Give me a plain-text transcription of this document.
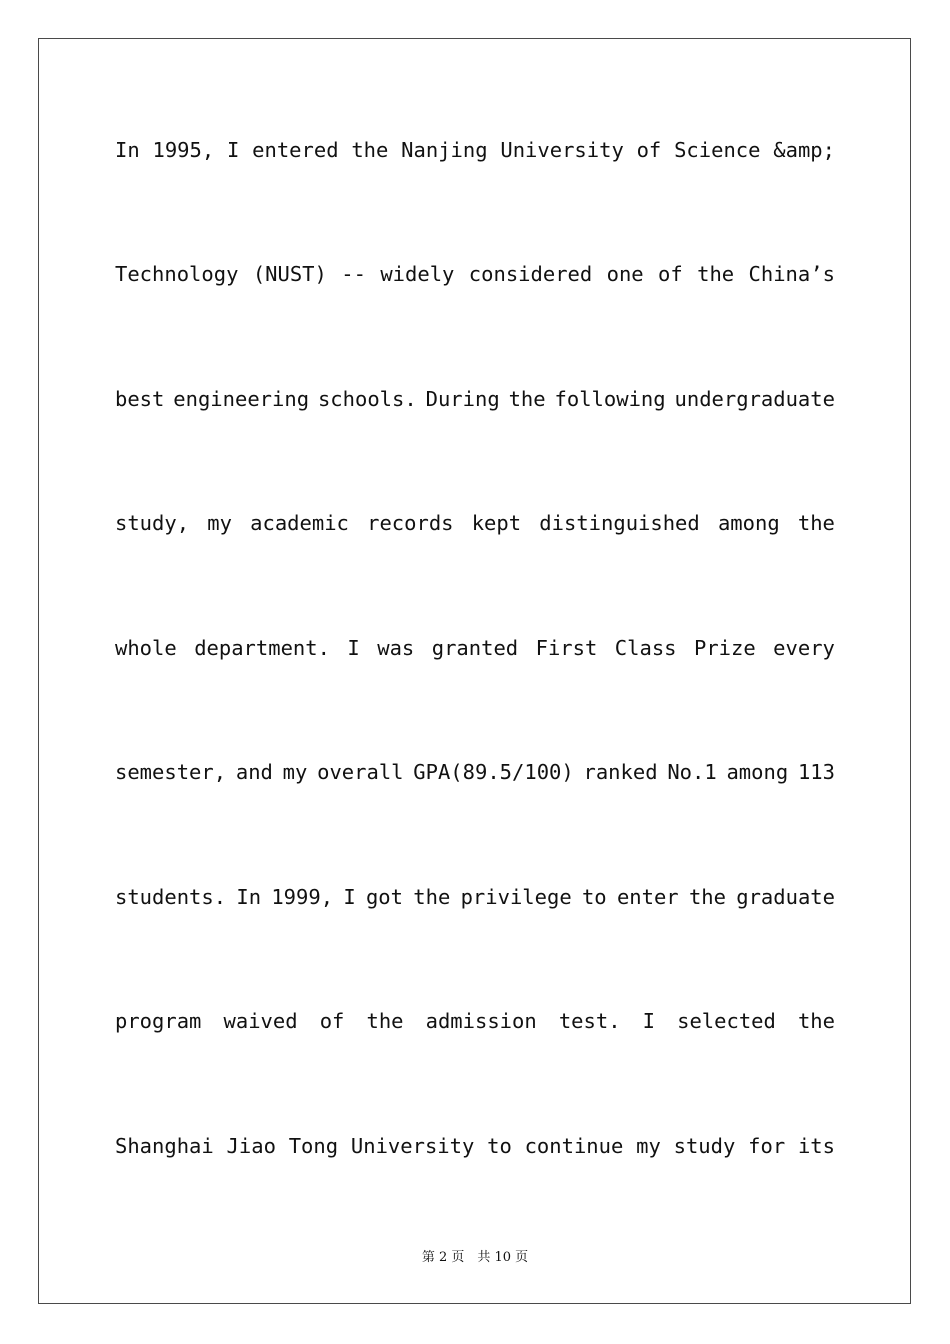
In 1995, I entered the Nanjing University of Science &amp;
Technology (NUST) -- widely considered one of the China’s
best engineering schools. During the following undergraduate
study, my academic records kept distinguished among the
whole department. I was granted First Class Prize every
semester, and my overall GPA(89.5/100) ranked No.1 among 113
students. In 1999, I got the privilege to enter the graduate
program waived of the admission test. I selected the
Shanghai Jiao Tong University to continue my study for its
第 2 页　共 10 页
